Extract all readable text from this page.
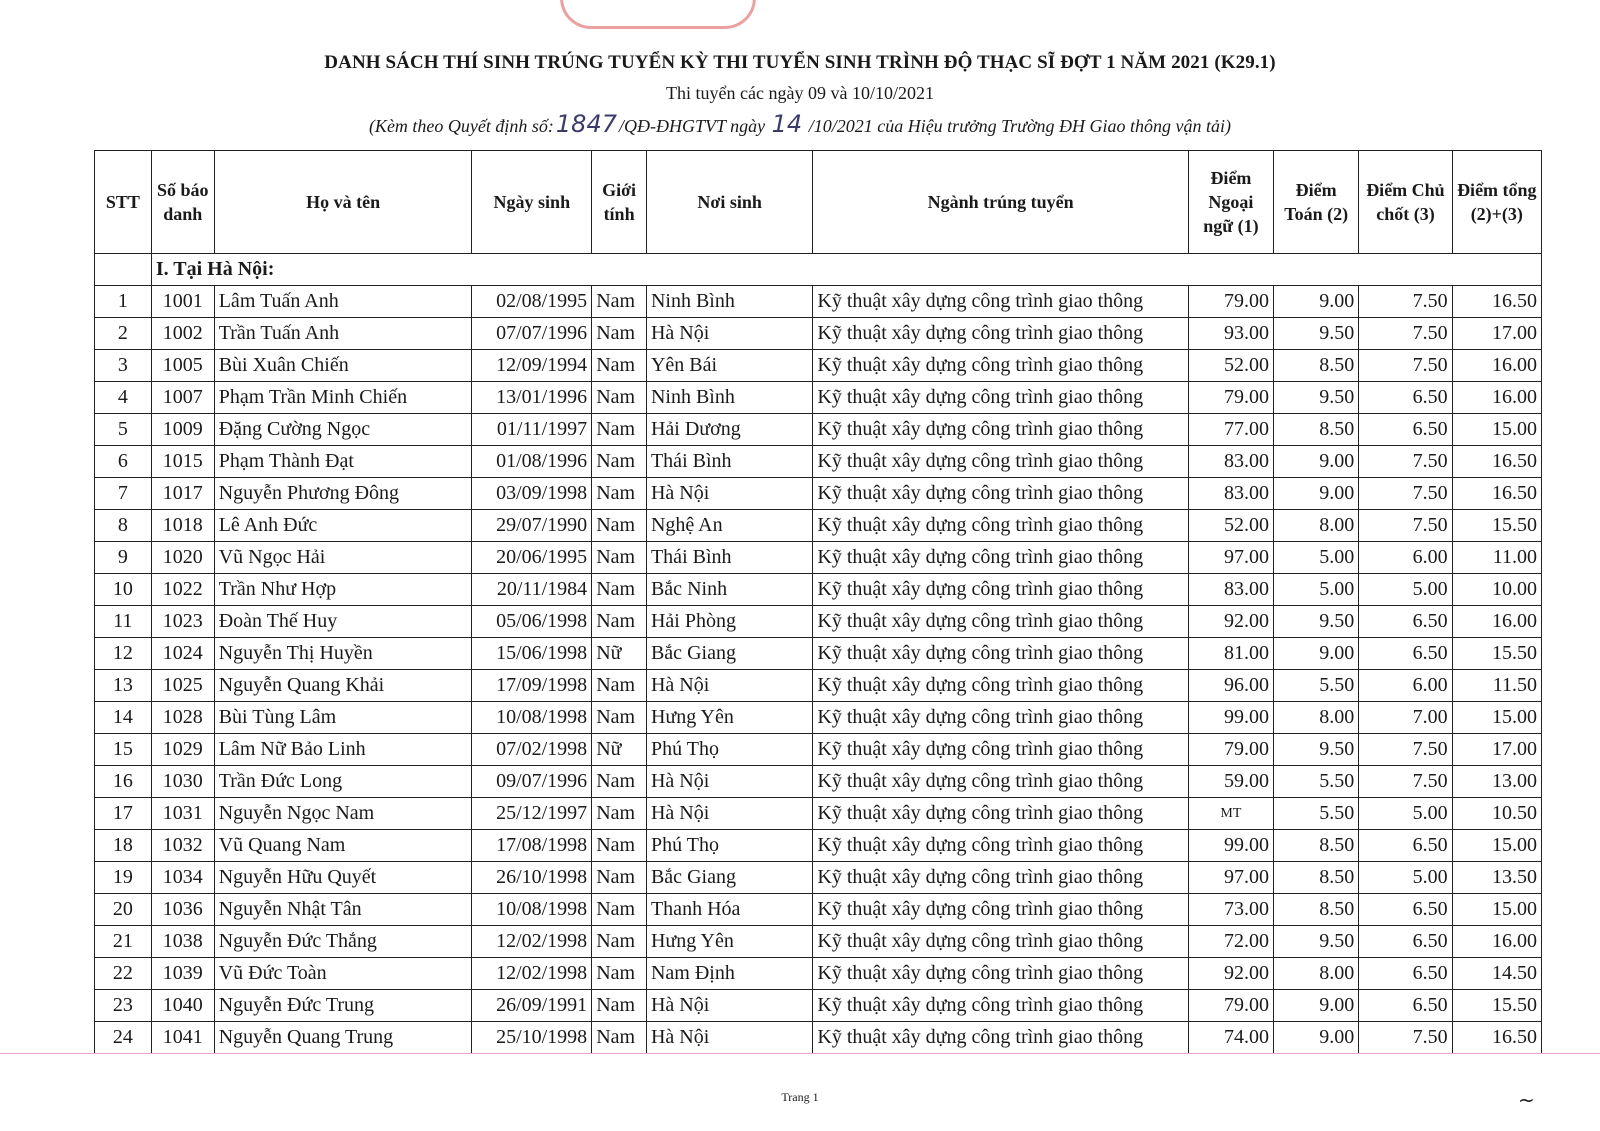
DANH SÁCH THÍ SINH TRÚNG TUYỂN KỲ THI TUYỂN SINH TRÌNH ĐỘ THẠC SĨ ĐỢT 1 NĂM 2021 (K29.1)
Thi tuyển các ngày 09 và 10/10/2021
(Kèm theo Quyết định số:1847 /QĐ-ĐHGTVT ngày 14 /10/2021 của Hiệu trưởng Trường ĐH Giao thông vận tải)
STT	Số báo danh	Họ và tên	Ngày sinh	Giới tính	Nơi sinh	Ngành trúng tuyển	Điểm Ngoại ngữ (1)	Điểm Toán (2)	Điểm Chủ chốt (3)	Điểm tổng (2)+(3)
	I. Tại Hà Nội:									
1	1001	Lâm Tuấn Anh	02/08/1995	Nam	Ninh Bình	Kỹ thuật xây dựng công trình giao thông	79.00	9.00	7.50	16.50
2	1002	Trần Tuấn Anh	07/07/1996	Nam	Hà Nội	Kỹ thuật xây dựng công trình giao thông	93.00	9.50	7.50	17.00
3	1005	Bùi Xuân Chiến	12/09/1994	Nam	Yên Bái	Kỹ thuật xây dựng công trình giao thông	52.00	8.50	7.50	16.00
4	1007	Phạm Trần Minh Chiến	13/01/1996	Nam	Ninh Bình	Kỹ thuật xây dựng công trình giao thông	79.00	9.50	6.50	16.00
5	1009	Đặng Cường Ngọc	01/11/1997	Nam	Hải Dương	Kỹ thuật xây dựng công trình giao thông	77.00	8.50	6.50	15.00
6	1015	Phạm Thành Đạt	01/08/1996	Nam	Thái Bình	Kỹ thuật xây dựng công trình giao thông	83.00	9.00	7.50	16.50
7	1017	Nguyễn Phương Đông	03/09/1998	Nam	Hà Nội	Kỹ thuật xây dựng công trình giao thông	83.00	9.00	7.50	16.50
8	1018	Lê Anh Đức	29/07/1990	Nam	Nghệ An	Kỹ thuật xây dựng công trình giao thông	52.00	8.00	7.50	15.50
9	1020	Vũ Ngọc Hải	20/06/1995	Nam	Thái Bình	Kỹ thuật xây dựng công trình giao thông	97.00	5.00	6.00	11.00
10	1022	Trần Như Hợp	20/11/1984	Nam	Bắc Ninh	Kỹ thuật xây dựng công trình giao thông	83.00	5.00	5.00	10.00
11	1023	Đoàn Thế Huy	05/06/1998	Nam	Hải Phòng	Kỹ thuật xây dựng công trình giao thông	92.00	9.50	6.50	16.00
12	1024	Nguyễn Thị Huyền	15/06/1998	Nữ	Bắc Giang	Kỹ thuật xây dựng công trình giao thông	81.00	9.00	6.50	15.50
13	1025	Nguyễn Quang Khải	17/09/1998	Nam	Hà Nội	Kỹ thuật xây dựng công trình giao thông	96.00	5.50	6.00	11.50
14	1028	Bùi Tùng Lâm	10/08/1998	Nam	Hưng Yên	Kỹ thuật xây dựng công trình giao thông	99.00	8.00	7.00	15.00
15	1029	Lâm Nữ Bảo Linh	07/02/1998	Nữ	Phú Thọ	Kỹ thuật xây dựng công trình giao thông	79.00	9.50	7.50	17.00
16	1030	Trần Đức Long	09/07/1996	Nam	Hà Nội	Kỹ thuật xây dựng công trình giao thông	59.00	5.50	7.50	13.00
17	1031	Nguyễn Ngọc Nam	25/12/1997	Nam	Hà Nội	Kỹ thuật xây dựng công trình giao thông	MT	5.50	5.00	10.50
18	1032	Vũ Quang Nam	17/08/1998	Nam	Phú Thọ	Kỹ thuật xây dựng công trình giao thông	99.00	8.50	6.50	15.00
19	1034	Nguyễn Hữu Quyết	26/10/1998	Nam	Bắc Giang	Kỹ thuật xây dựng công trình giao thông	97.00	8.50	5.00	13.50
20	1036	Nguyễn Nhật Tân	10/08/1998	Nam	Thanh Hóa	Kỹ thuật xây dựng công trình giao thông	73.00	8.50	6.50	15.00
21	1038	Nguyễn Đức Thắng	12/02/1998	Nam	Hưng Yên	Kỹ thuật xây dựng công trình giao thông	72.00	9.50	6.50	16.00
22	1039	Vũ Đức Toàn	12/02/1998	Nam	Nam Định	Kỹ thuật xây dựng công trình giao thông	92.00	8.00	6.50	14.50
23	1040	Nguyễn Đức Trung	26/09/1991	Nam	Hà Nội	Kỹ thuật xây dựng công trình giao thông	79.00	9.00	6.50	15.50
24	1041	Nguyễn Quang Trung	25/10/1998	Nam	Hà Nội	Kỹ thuật xây dựng công trình giao thông	74.00	9.00	7.50	16.50
Trang 1	~
